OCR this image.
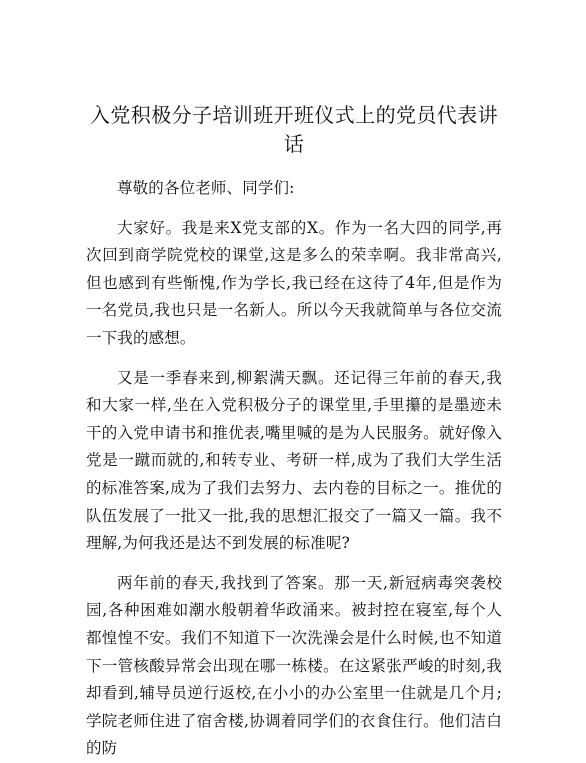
入党积极分子培训班开班仪式上的党员代表讲话

尊敬的各位老师、同学们:

大家好。我是来X党支部的X。作为一名大四的同学,再次回到商学院党校的课堂,这是多么的荣幸啊。我非常高兴,但也感到有些惭愧,作为学长,我已经在这待了4年,但是作为一名党员,我也只是一名新人。所以今天我就简单与各位交流一下我的感想。

又是一季春来到,柳絮满天飘。还记得三年前的春天,我和大家一样,坐在入党积极分子的课堂里,手里攥的是墨迹未干的入党申请书和推优表,嘴里喊的是为人民服务。就好像入党是一蹴而就的,和转专业、考研一样,成为了我们大学生活的标准答案,成为了我们去努力、去内卷的目标之一。推优的队伍发展了一批又一批,我的思想汇报交了一篇又一篇。我不理解,为何我还是达不到发展的标准呢?

两年前的春天,我找到了答案。那一天,新冠病毒突袭校园,各种困难如潮水般朝着华政涌来。被封控在寝室,每个人都惶惶不安。我们不知道下一次洗澡会是什么时候,也不知道下一管核酸异常会出现在哪一栋楼。在这紧张严峻的时刻,我却看到,辅导员逆行返校,在小小的办公室里一住就是几个月;学院老师住进了宿舍楼,协调着同学们的衣食住行。他们洁白的防
